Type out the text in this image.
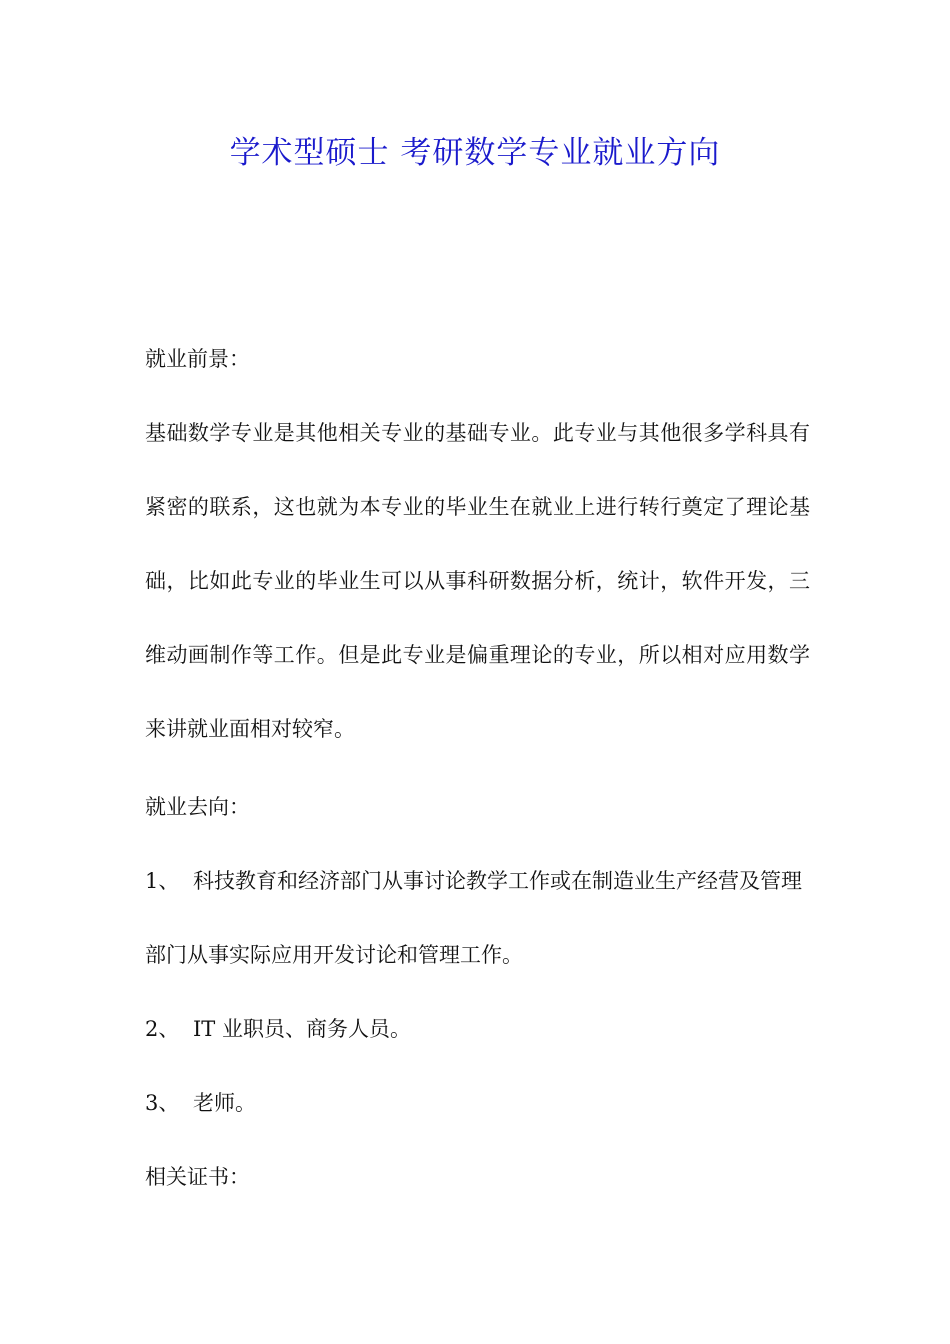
学术型硕士 考研数学专业就业方向
就业前景：
基础数学专业是其他相关专业的基础专业。此专业与其他很多学科具有紧密的联系，这也就为本专业的毕业生在就业上进行转行奠定了理论基础，比如此专业的毕业生可以从事科研数据分析，统计，软件开发，三维动画制作等工作。但是此专业是偏重理论的专业，所以相对应用数学来讲就业面相对较窄。
就业去向：
1、 科技教育和经济部门从事讨论教学工作或在制造业生产经营及管理部门从事实际应用开发讨论和管理工作。
2、 IT 业职员、商务人员。
3、 老师。
相关证书：
